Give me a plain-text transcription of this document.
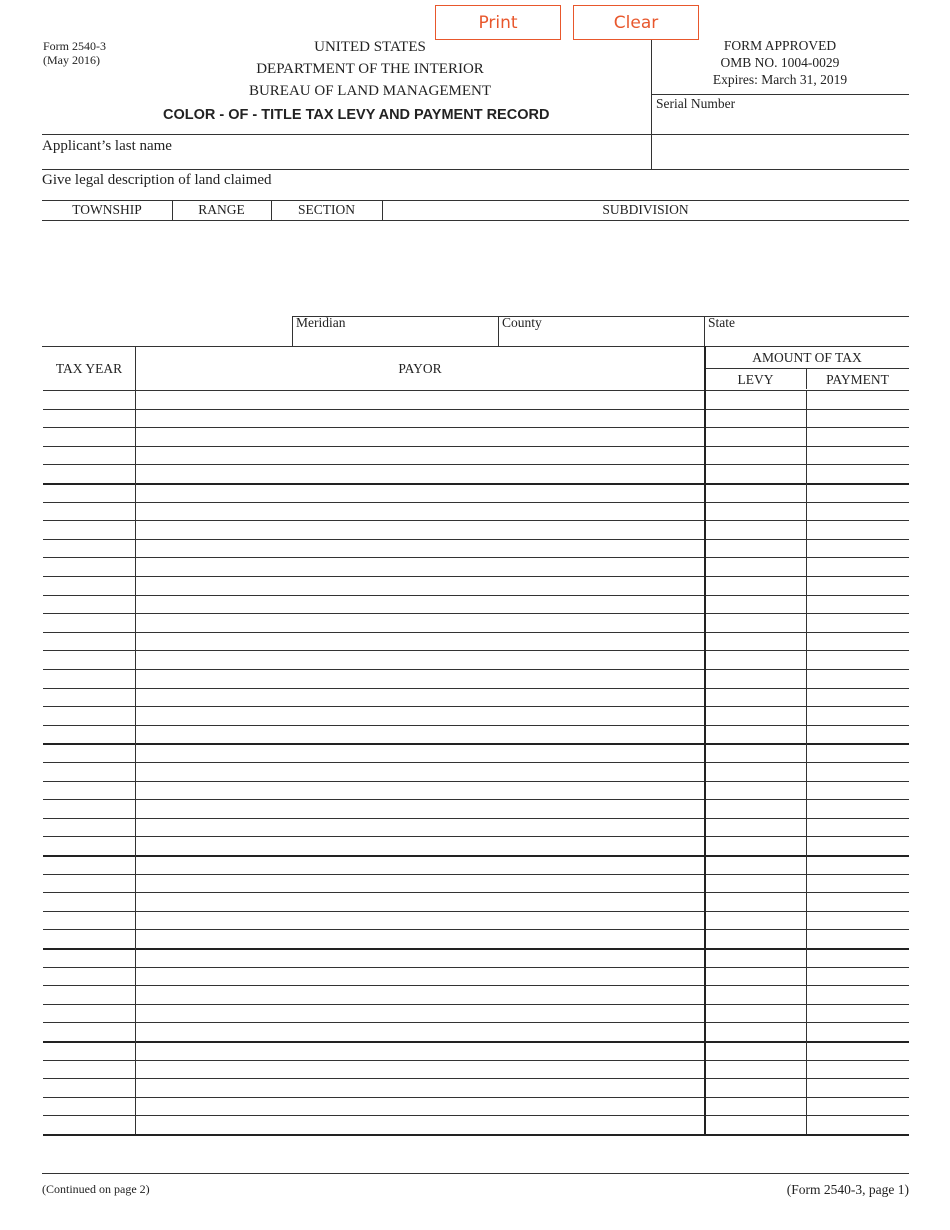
Print	Clear
Form 2540-3
(May 2016)
UNITED STATES
DEPARTMENT OF THE INTERIOR
BUREAU OF LAND MANAGEMENT
COLOR - OF - TITLE TAX LEVY AND PAYMENT RECORD
FORM APPROVED
OMB NO. 1004-0029
Expires: March 31, 2019
Serial Number
Applicant’s last name
Give legal description of land claimed
TOWNSHIP	RANGE	SECTION	SUBDIVISION
Meridian	County	State
TAX YEAR	PAYOR
AMOUNT OF TAX
LEVY	PAYMENT
(Continued on page 2)	(Form 2540-3, page 1)
